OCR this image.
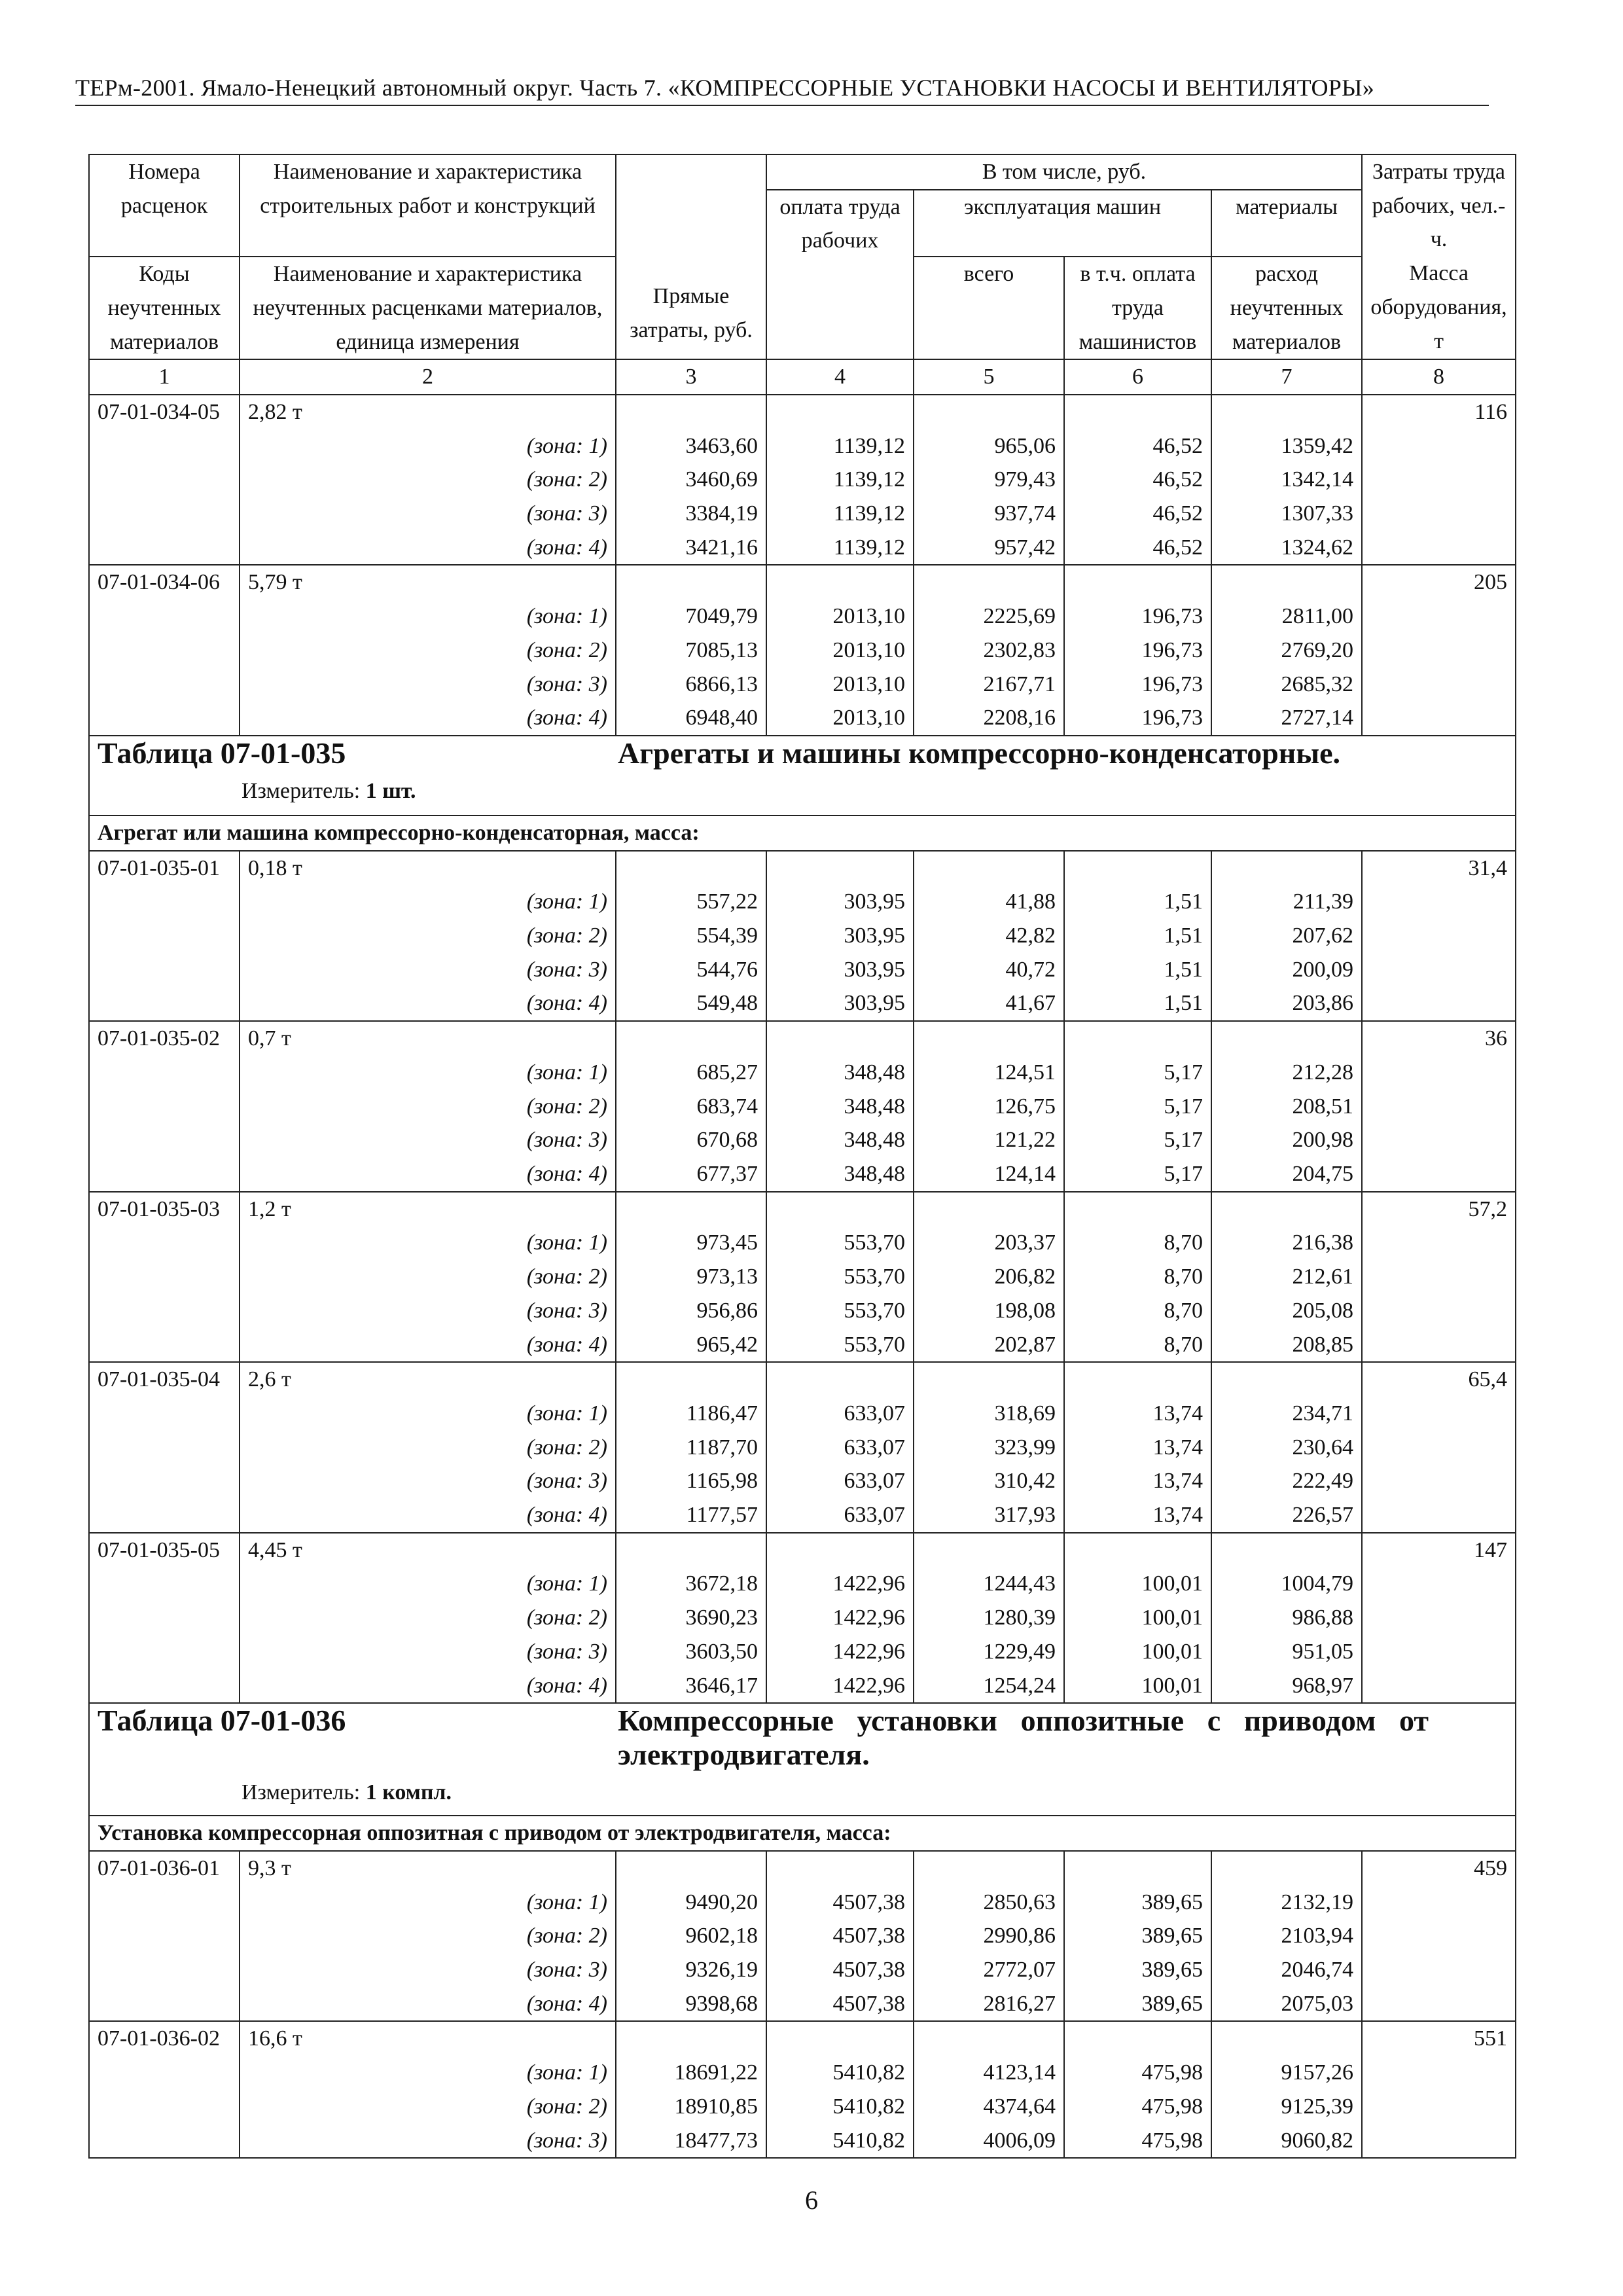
ТЕРм-2001. Ямало-Ненецкий автономный округ. Часть 7. «КОМПРЕССОРНЫЕ УСТАНОВКИ НАСОСЫ И ВЕНТИЛЯТОРЫ»
Номера расценок	Наименование и характеристика строительных работ и конструкций	Прямые затраты, руб.	В том числе, руб.				Затраты труда рабочих, чел.-ч.
			оплата труда рабочих	эксплуатация машин		материалы	
Коды неучтенных материалов	Наименование и характеристика неучтенных расценками материалов, единица измерения			всего	в т.ч. оплата труда машинистов	расход неучтенных материалов	Масса оборудования, т

1	2	3	4	5	6	7	8
07-01-034-05	2,82 т						116
	(зона: 1)	3463,60	1139,12	965,06	46,52	1359,42	
	(зона: 2)	3460,69	1139,12	979,43	46,52	1342,14	
	(зона: 3)	3384,19	1139,12	937,74	46,52	1307,33	
	(зона: 4)	3421,16	1139,12	957,42	46,52	1324,62	
07-01-034-06	5,79 т						205
	(зона: 1)	7049,79	2013,10	2225,69	196,73	2811,00	
	(зона: 2)	7085,13	2013,10	2302,83	196,73	2769,20	
	(зона: 3)	6866,13	2013,10	2167,71	196,73	2685,32	
	(зона: 4)	6948,40	2013,10	2208,16	196,73	2727,14	

Таблица 07-01-035 Агрегаты и машины компрессорно-конденсаторные.
Измеритель: 1 шт.							

Агрегат или машина компрессорно-конденсаторная, масса:							
07-01-035-01	0,18 т						31,4
	(зона: 1)	557,22	303,95	41,88	1,51	211,39	
	(зона: 2)	554,39	303,95	42,82	1,51	207,62	
	(зона: 3)	544,76	303,95	40,72	1,51	200,09	
	(зона: 4)	549,48	303,95	41,67	1,51	203,86	
07-01-035-02	0,7 т						36
	(зона: 1)	685,27	348,48	124,51	5,17	212,28	
	(зона: 2)	683,74	348,48	126,75	5,17	208,51	
	(зона: 3)	670,68	348,48	121,22	5,17	200,98	
	(зона: 4)	677,37	348,48	124,14	5,17	204,75	
07-01-035-03	1,2 т						57,2
	(зона: 1)	973,45	553,70	203,37	8,70	216,38	
	(зона: 2)	973,13	553,70	206,82	8,70	212,61	
	(зона: 3)	956,86	553,70	198,08	8,70	205,08	
	(зона: 4)	965,42	553,70	202,87	8,70	208,85	
07-01-035-04	2,6 т						65,4
	(зона: 1)	1186,47	633,07	318,69	13,74	234,71	
	(зона: 2)	1187,70	633,07	323,99	13,74	230,64	
	(зона: 3)	1165,98	633,07	310,42	13,74	222,49	
	(зона: 4)	1177,57	633,07	317,93	13,74	226,57	
07-01-035-05	4,45 т						147
	(зона: 1)	3672,18	1422,96	1244,43	100,01	1004,79	
	(зона: 2)	3690,23	1422,96	1280,39	100,01	986,88	
	(зона: 3)	3603,50	1422,96	1229,49	100,01	951,05	
	(зона: 4)	3646,17	1422,96	1254,24	100,01	968,97	

Таблица 07-01-036 Компрессорные установки оппозитные с приводом от электродвигателя.
Измеритель: 1 компл.							

Установка компрессорная оппозитная с приводом от электродвигателя, масса:							
07-01-036-01	9,3 т						459
	(зона: 1)	9490,20	4507,38	2850,63	389,65	2132,19	
	(зона: 2)	9602,18	4507,38	2990,86	389,65	2103,94	
	(зона: 3)	9326,19	4507,38	2772,07	389,65	2046,74	
	(зона: 4)	9398,68	4507,38	2816,27	389,65	2075,03	
07-01-036-02	16,6 т						551
	(зона: 1)	18691,22	5410,82	4123,14	475,98	9157,26	
	(зона: 2)	18910,85	5410,82	4374,64	475,98	9125,39	
	(зона: 3)	18477,73	5410,82	4006,09	475,98	9060,82	
6
